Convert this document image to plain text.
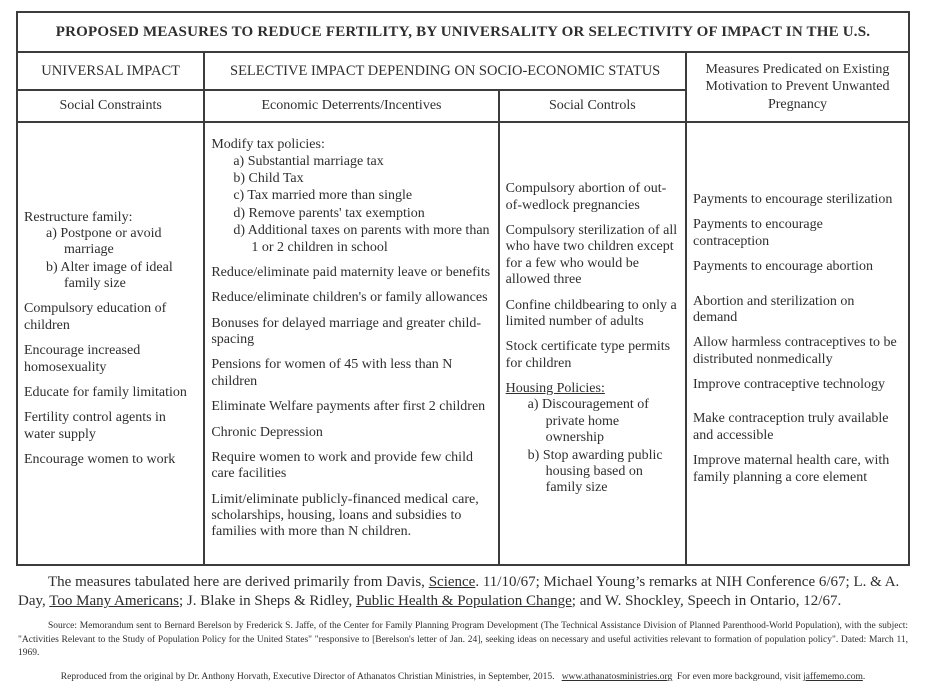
PROPOSED MEASURES TO REDUCE FERTILITY, BY UNIVERSALITY OR SELECTIVITY OF IMPACT IN THE U.S.			
UNIVERSAL IMPACT	SELECTIVE IMPACT DEPENDING ON SOCIO-ECONOMIC STATUS		Measures Predicated on Existing Motivation to Prevent Unwanted Pregnancy
Social Constraints	Economic Deterrents/Incentives	Social Controls	

Restructure family:
a) Postpone or avoid marriage
b) Alter image of ideal family size
Compulsory education of children
Encourage increased homosexuality
Educate for family limitation
Fertility control agents in water supply
Encourage women to work

Modify tax policies:
a) Substantial marriage tax
b) Child Tax
c) Tax married more than single
d) Remove parents' tax exemption
d) Additional taxes on parents with more than 1 or 2 children in school
Reduce/eliminate paid maternity leave or benefits
Reduce/eliminate children's or family allowances
Bonuses for delayed marriage and greater child-spacing
Pensions for women of 45 with less than N children
Eliminate Welfare payments after first 2 children
Chronic Depression
Require women to work and provide few child care facilities
Limit/eliminate publicly-financed medical care, scholarships, housing, loans and subsidies to families with more than N children.

Compulsory abortion of out-of-wedlock pregnancies
Compulsory sterilization of all who have two children except for a few who would be allowed three
Confine childbearing to only a limited number of adults
Stock certificate type permits for children
Housing Policies:
a) Discouragement of private home ownership
b) Stop awarding public housing based on family size

Payments to encourage sterilization
Payments to encourage contraception
Payments to encourage abortion
Abortion and sterilization on demand
Allow harmless contraceptives to be distributed nonmedically
Improve contraceptive technology
Make contraception truly available and accessible
Improve maternal health care, with family planning a core element

The measures tabulated here are derived primarily from Davis, Science. 11/10/67; Michael Young’s remarks at NIH Conference 6/67; L. & A. Day, Too Many Americans; J. Blake in Sheps & Ridley, Public Health & Population Change; and W. Shockley, Speech in Ontario, 12/67.

Source: Memorandum sent to Bernard Berelson by Frederick S. Jaffe, of the Center for Family Planning Program Development (The Technical Assistance Division of Planned Parenthood-World Population), with the subject: "Activities Relevant to the Study of Population Policy for the United States" "responsive to [Berelson's letter of Jan. 24], seeking ideas on necessary and useful activities relevant to formation of population policy". Dated: March 11, 1969.

Reproduced from the original by Dr. Anthony Horvath, Executive Director of Athanatos Christian Ministries, in September, 2015.   www.athanatosministries.org  For even more background, visit jaffememo.com.
